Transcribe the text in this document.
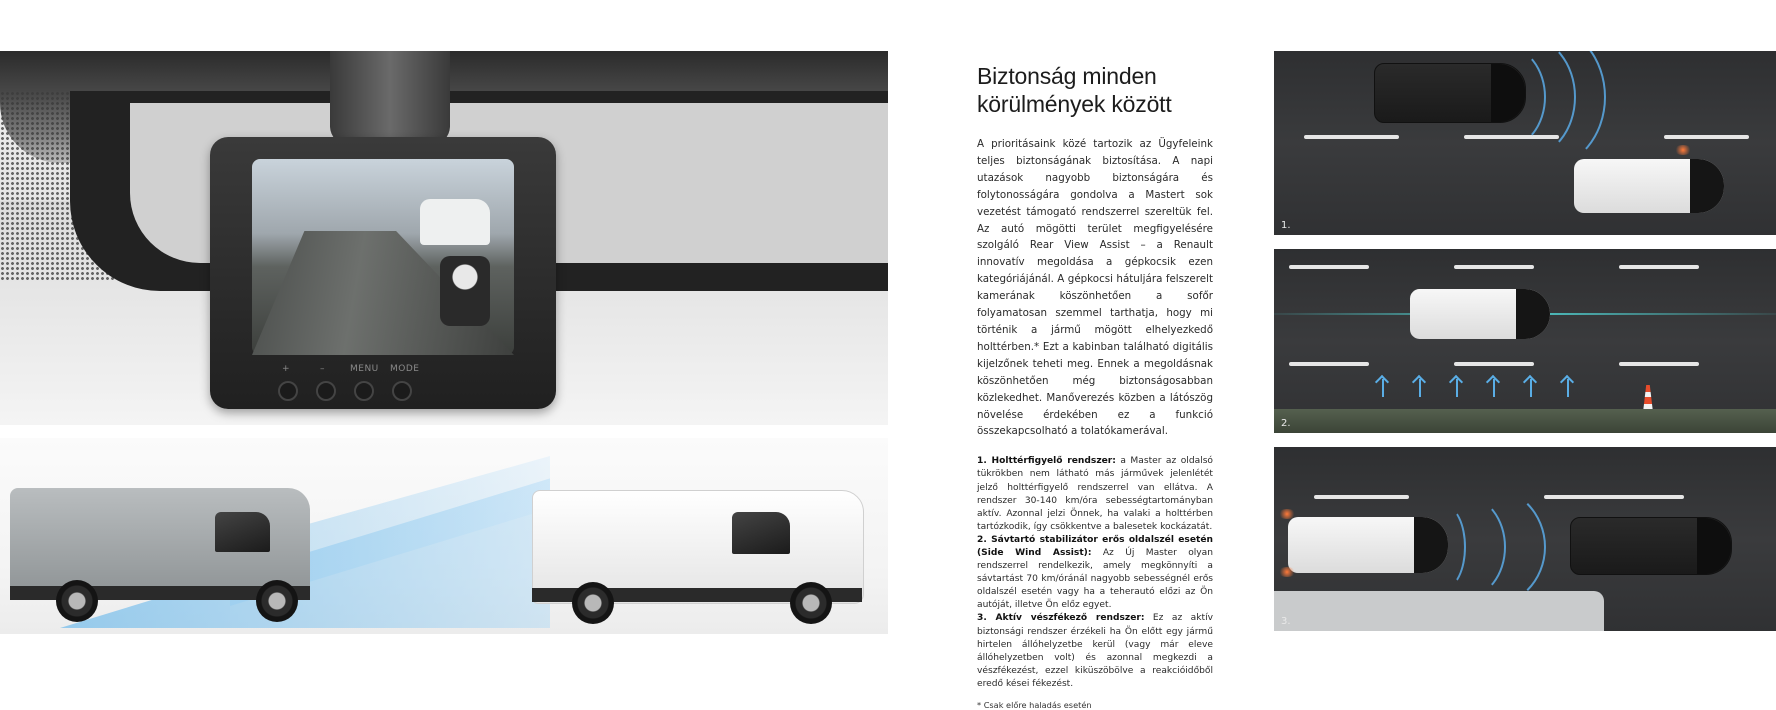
+	–	MENU MODE
Biztonság minden körülmények között

A prioritásaink közé tartozik az Ügyfeleink teljes biztonságának biztosítása. A napi utazások nagyobb biztonságára és folytonosságára gondolva a Mastert sok vezetést támogató rendszerrel szereltük fel. Az autó mögötti terület megfigyelésére szolgáló Rear View Assist – a Renault innovatív megoldása a gépkocsik ezen kategóriájánál. A gépkocsi hátuljára felszerelt kamerának köszönhetően a sofőr folyamatosan szemmel tarthatja, hogy mi történik a jármű mögött elhelyezkedő holttérben.* Ezt a kabinban található digitális kijelzőnek teheti meg. Ennek a megoldásnak köszönhetően még biztonságosabban közlekedhet. Manőverezés közben a látószög növelése érdekében ez a funkció összekapcsolható a tolatókamerával.

1. Holttérfigyelő rendszer: a Master az oldalsó tükrökben nem látható más járművek jelenlétét jelző holttérfigyelő rendszerrel van ellátva. A rendszer 30-140 km/óra sebességtartományban aktív. Azonnal jelzi Önnek, ha valaki a holttérben tartózkodik, így csökkentve a balesetek kockázatát.

2. Sávtartó stabilizátor erős oldalszél esetén (Side Wind Assist): Az Új Master olyan rendszerrel rendelkezik, amely megkönnyíti a sávtartást 70 km/óránál nagyobb sebességnél erős oldalszél esetén vagy ha a teherautó előzi az Ön autóját, illetve Ön előz egyet.

3. Aktív vészfékező rendszer: Ez az aktív biztonsági rendszer érzékeli ha Ön előtt egy jármű hirtelen állóhelyzetbe kerül (vagy már eleve állóhelyzetben volt) és azonnal megkezdi a vészfékezést, ezzel kiküszöbölve a reakcióidőből eredő kései fékezést.

* Csak előre haladás esetén

1.
2.
3.
